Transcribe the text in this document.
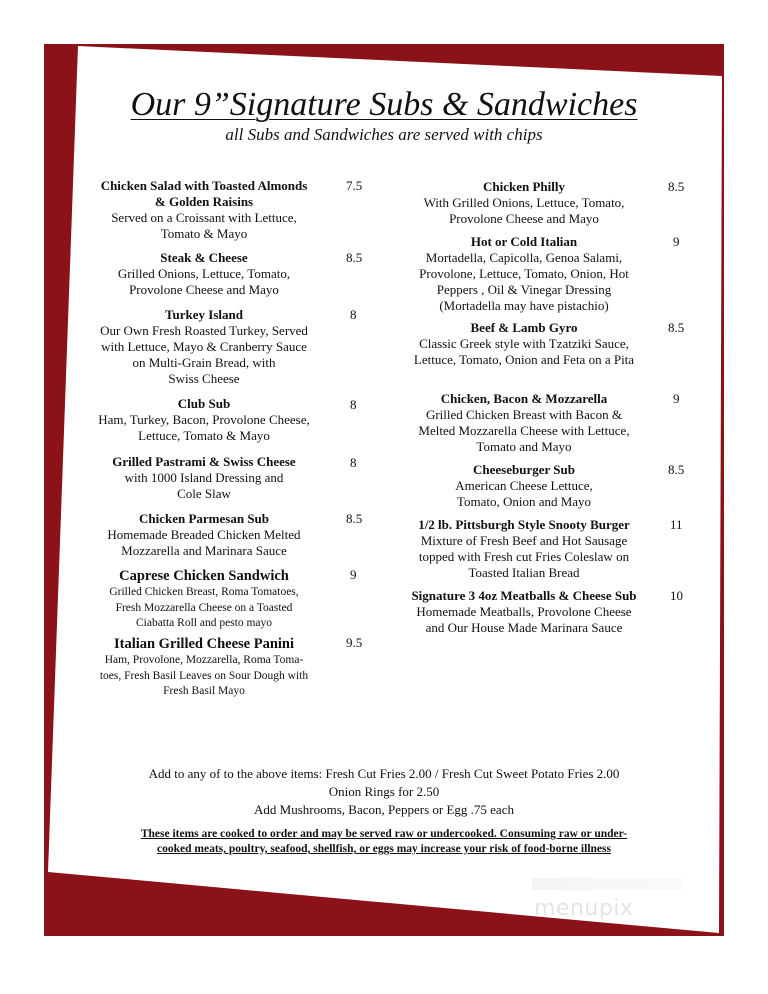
Our 9”Signature Subs & Sandwiches
all Subs and Sandwiches are served with chips
Chicken Salad with Toasted Almonds
& Golden Raisins
Served on a Croissant with Lettuce,
Tomato & Mayo
7.5
Steak & Cheese
Grilled Onions, Lettuce, Tomato,
Provolone Cheese and Mayo
8.5
Turkey Island
Our Own Fresh Roasted Turkey, Served
with Lettuce, Mayo & Cranberry Sauce
on Multi-Grain Bread, with
Swiss Cheese
8
Club Sub
Ham, Turkey, Bacon, Provolone Cheese,
Lettuce, Tomato & Mayo
8
Grilled Pastrami & Swiss Cheese
with 1000 Island Dressing and
Cole Slaw
8
Chicken Parmesan Sub
Homemade Breaded Chicken Melted
Mozzarella and Marinara Sauce
8.5
Caprese Chicken Sandwich
Grilled Chicken Breast, Roma Tomatoes,
Fresh Mozzarella Cheese on a Toasted
Ciabatta Roll and pesto mayo
9
Italian Grilled Cheese Panini
Ham, Provolone, Mozzarella, Roma Toma-
toes, Fresh Basil Leaves on Sour Dough with
Fresh Basil Mayo
9.5
Chicken Philly
With Grilled Onions, Lettuce, Tomato,
Provolone Cheese and Mayo
8.5
Hot or Cold Italian
Mortadella, Capicolla, Genoa Salami,
Provolone, Lettuce, Tomato, Onion, Hot
Peppers , Oil & Vinegar Dressing
(Mortadella may have pistachio)
9
Beef & Lamb Gyro
Classic Greek style with Tzatziki Sauce,
Lettuce, Tomato, Onion and Feta on a Pita
8.5
Chicken, Bacon & Mozzarella
Grilled Chicken Breast with Bacon &
Melted Mozzarella Cheese with Lettuce,
Tomato and Mayo
9
Cheeseburger Sub
American Cheese Lettuce,
Tomato, Onion and Mayo
8.5
1/2 lb. Pittsburgh Style Snooty Burger
Mixture of Fresh Beef and Hot Sausage
topped with Fresh cut Fries Coleslaw on
Toasted Italian Bread
11
Signature 3 4oz Meatballs & Cheese Sub
Homemade Meatballs, Provolone Cheese
and Our House Made Marinara Sauce
10
Add to any of to the above items: Fresh Cut Fries 2.00 / Fresh Cut Sweet Potato Fries 2.00
Onion Rings for 2.50
Add Mushrooms, Bacon, Peppers or Egg .75 each
These items are cooked to order and may be served raw or undercooked. Consuming raw or under-
cooked meats, poultry, seafood, shellfish, or eggs may increase your risk of food-borne illness
menupix
